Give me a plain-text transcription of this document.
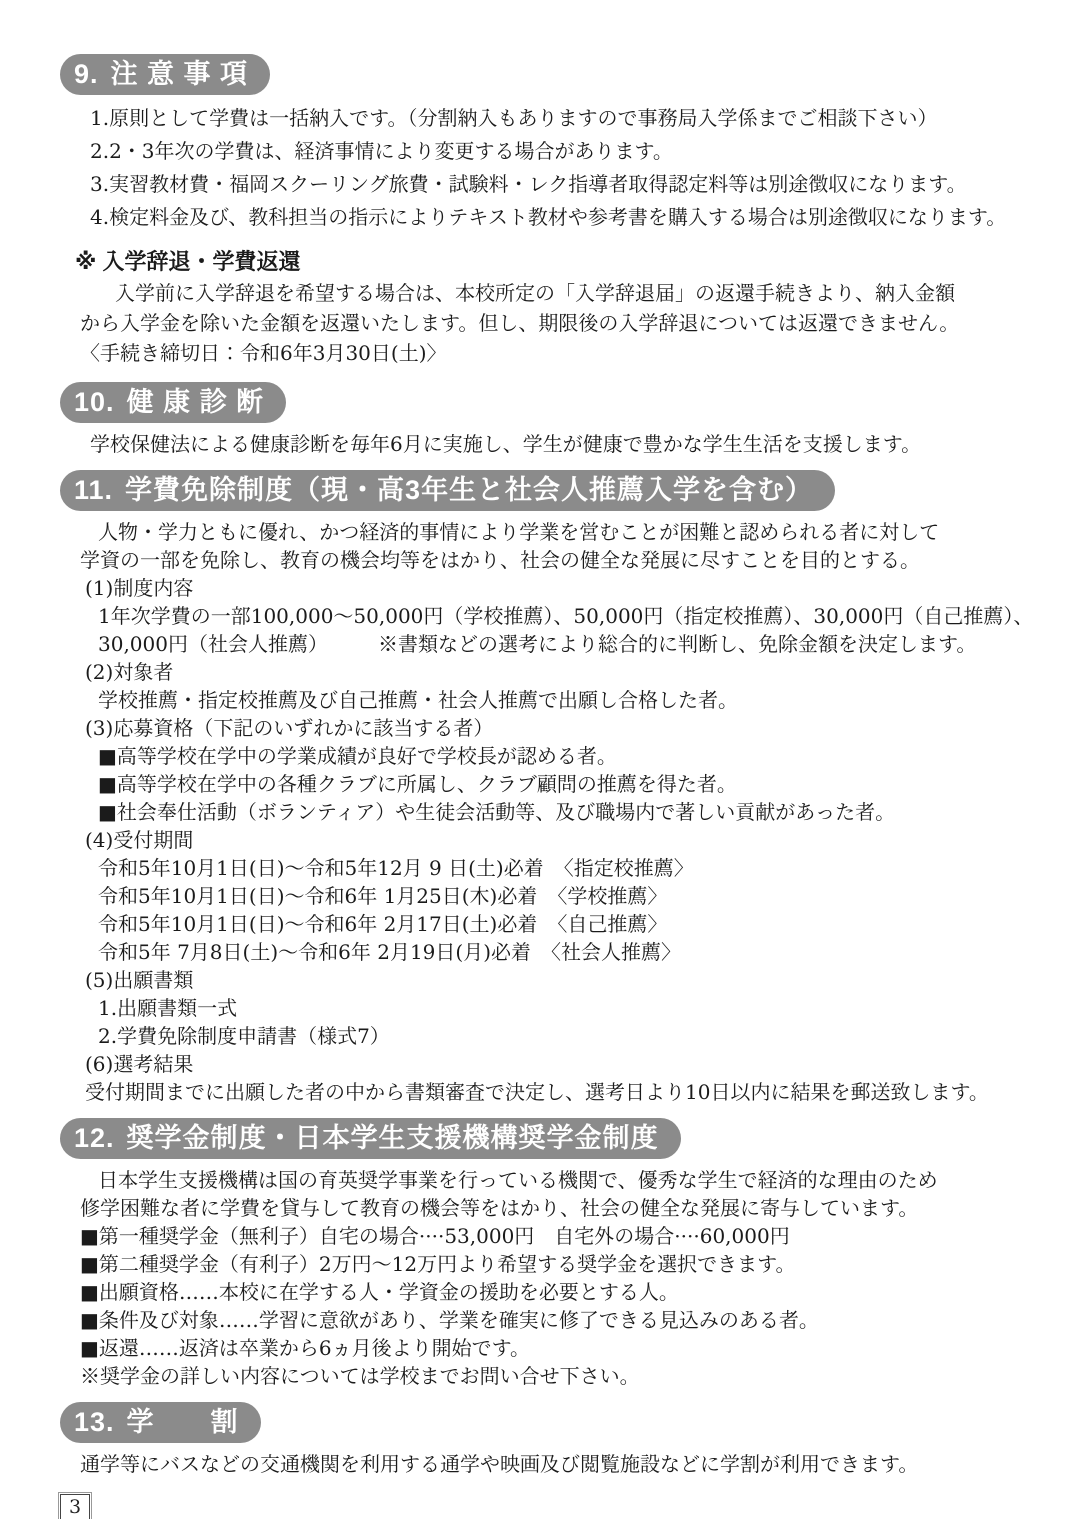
9. 注 意 事 項
1.原則として学費は一括納入です。（分割納入もありますので事務局入学係までご相談下さい）
2.2・3年次の学費は、経済事情により変更する場合があります。
3.実習教材費・福岡スクーリング旅費・試験料・レク指導者取得認定料等は別途徴収になります。
4.検定料金及び、教科担当の指示によりテキスト教材や参考書を購入する場合は別途徴収になります。
※ 入学辞退・学費返還
入学前に入学辞退を希望する場合は、本校所定の「入学辞退届」の返還手続きより、納入金額
から入学金を除いた金額を返還いたします。但し、期限後の入学辞退については返還できません。
〈手続き締切日：令和6年3月30日(土)〉
10. 健 康 診 断
学校保健法による健康診断を毎年6月に実施し、学生が健康で豊かな学生生活を支援します。
11. 学費免除制度（現・高3年生と社会人推薦入学を含む）
人物・学力ともに優れ、かつ経済的事情により学業を営むことが困難と認められる者に対して
学資の一部を免除し、教育の機会均等をはかり、社会の健全な発展に尽すことを目的とする。
(1)制度内容
1年次学費の一部100,000～50,000円（学校推薦）、50,000円（指定校推薦）、30,000円（自己推薦）、
30,000円（社会人推薦）　　　※書類などの選考により総合的に判断し、免除金額を決定します。
(2)対象者
学校推薦・指定校推薦及び自己推薦・社会人推薦で出願し合格した者。
(3)応募資格（下記のいずれかに該当する者）
■高等学校在学中の学業成績が良好で学校長が認める者。
■高等学校在学中の各種クラブに所属し、クラブ顧問の推薦を得た者。
■社会奉仕活動（ボランティア）や生徒会活動等、及び職場内で著しい貢献があった者。
(4)受付期間
令和5年10月1日(日)～令和5年12月 9 日(土)必着　〈指定校推薦〉
令和5年10月1日(日)～令和6年 1月25日(木)必着　〈学校推薦〉
令和5年10月1日(日)～令和6年 2月17日(土)必着　〈自己推薦〉
令和5年 7月8日(土)～令和6年 2月19日(月)必着　〈社会人推薦〉
(5)出願書類
1.出願書類一式
2.学費免除制度申請書（様式7）
(6)選考結果
受付期間までに出願した者の中から書類審査で決定し、選考日より10日以内に結果を郵送致します。
12. 奨学金制度・日本学生支援機構奨学金制度
日本学生支援機構は国の育英奨学事業を行っている機関で、優秀な学生で経済的な理由のため
修学困難な者に学費を貸与して教育の機会等をはかり、社会の健全な発展に寄与しています。
■第一種奨学金（無利子）自宅の場合····53,000円　自宅外の場合····60,000円
■第二種奨学金（有利子）2万円～12万円より希望する奨学金を選択できます。
■出願資格……本校に在学する人・学資金の援助を必要とする人。
■条件及び対象……学習に意欲があり、学業を確実に修了できる見込みのある者。
■返還……返済は卒業から6ヵ月後より開始です。
※奨学金の詳しい内容については学校までお問い合せ下さい。
13. 学　　割
通学等にバスなどの交通機関を利用する通学や映画及び閲覧施設などに学割が利用できます。
3
